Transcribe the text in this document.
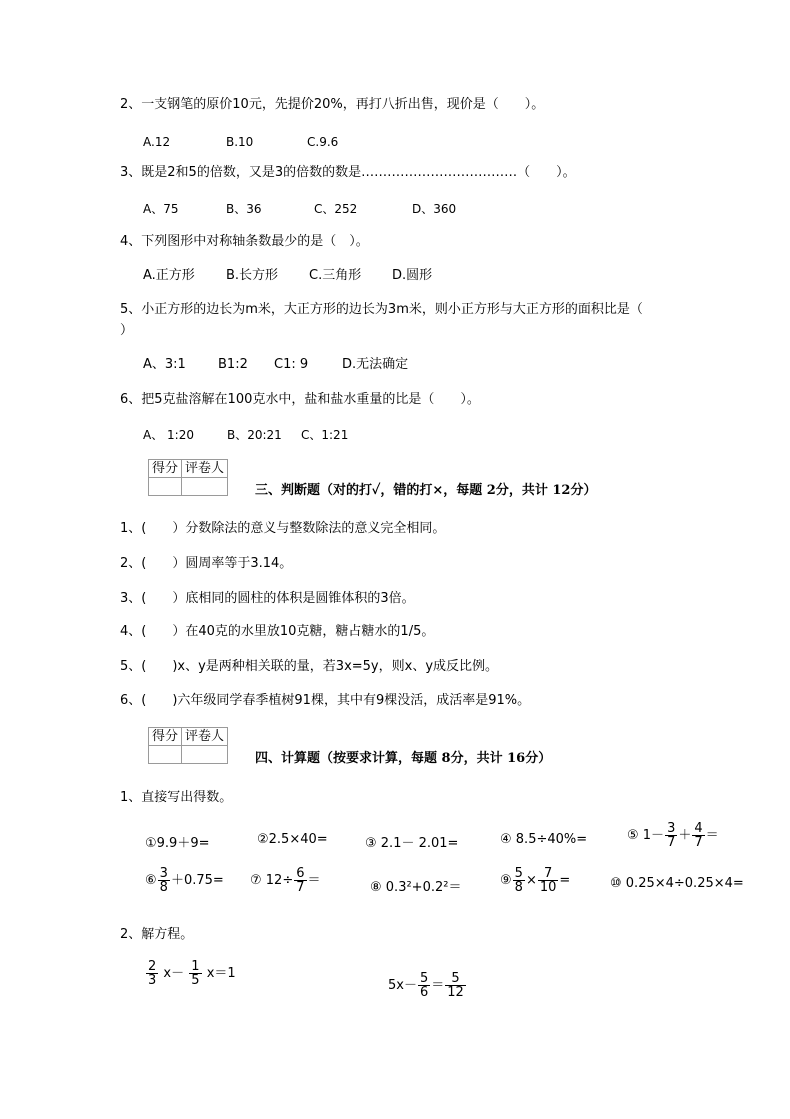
2、一支钢笔的原价10元，先提价20%，再打八折出售，现价是（　　）。
A.12	B.10	C.9.6
3、既是2和5的倍数，又是3的倍数的数是………………………………（　　）。
A、75	B、36	C、252	D、360
4、下列图形中对称轴条数最少的是（　）。
A.正方形 B.长方形 C.三角形 D.圆形
5、小正方形的边长为m米，大正方形的边长为3m米，则小正方形与大正方形的面积比是（
）
A、3:1 B1:2 C1: 9	D.无法确定
6、把5克盐溶解在100克水中，盐和盐水重量的比是（　　）。
A、 1:20	B、20:21 C、1:21
得分	评卷人

三、判断题（对的打✓，错的打×，每题 2分，共计 12分）
1、(　　）分数除法的意义与整数除法的意义完全相同。
2、(　　）圆周率等于3.14。
3、(　　）底相同的圆柱的体积是圆锥体积的3倍。
4、(　　）在40克的水里放10克糖，糖占糖水的1/5。
5、(　　)x、y是两种相关联的量，若3x=5y，则x、y成反比例。
6、(　　)六年级同学春季植树91棵，其中有9棵没活，成活率是91%。
得分	评卷人

四、计算题（按要求计算，每题 8分，共计 16分）
1、直接写出得数。
①9.9＋9=	②2.5×40=	③ 2.1－ 2.01=	④ 8.5÷40%=	⑤ $1- \frac{3}{7} + \frac{4}{7}$ ＝
⑥ $\frac{3}{8} +0.75=$ ⑦ $12\div \frac{6}{7}$ ＝	⑧ 0.3²+0.2²＝	⑨ $\frac{5}{8} \times \frac{7}{10}$ =	⑩ 0.25×4÷0.25×4=
2、解方程。
$\frac{2}{3} x- \frac{1}{5} x=1$
$5x- \frac{5}{6} = \frac{5}{12}$
